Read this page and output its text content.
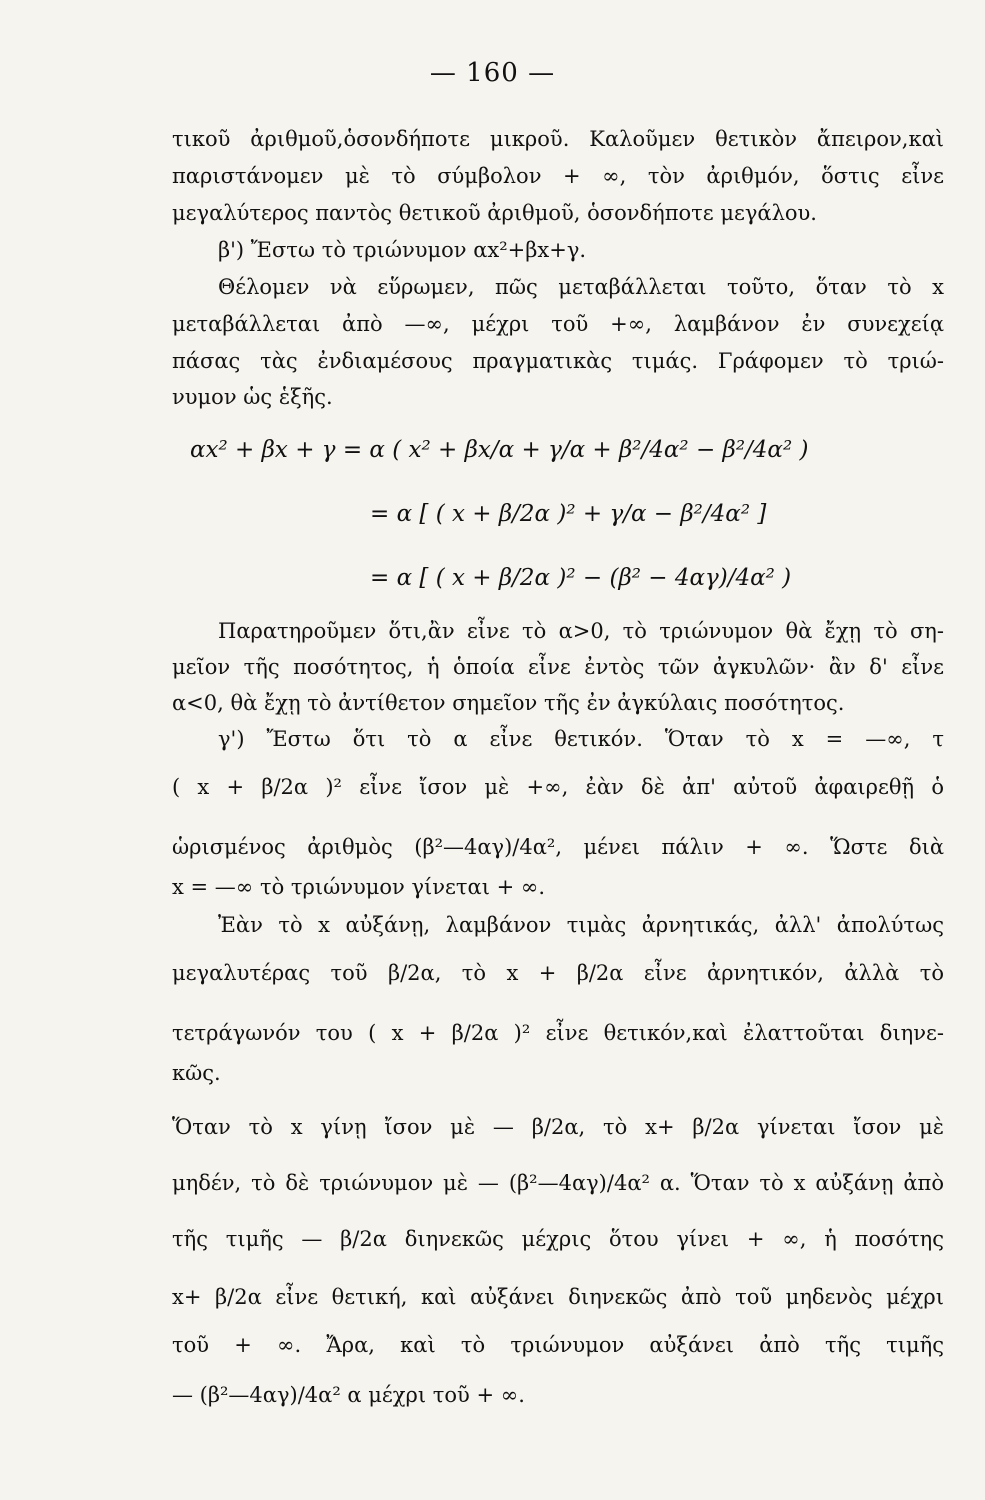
— 160 —
τικοῦ ἀριθμοῦ,ὁσονδήποτε μικροῦ. Καλοῦμεν θετικὸν ἄπειρον,καὶ
παριστάνομεν μὲ τὸ σύμβολον + ∞, τὸν ἀριθμόν, ὅστις εἶνε
μεγαλύτερος παντὸς θετικοῦ ἀριθμοῦ, ὁσονδήποτε μεγάλου.
β') Ἔστω τὸ τριώνυμον αx²+βx+γ.
Θέλομεν νὰ εὕρωμεν, πῶς μεταβάλλεται τοῦτο, ὅταν τὸ x
μεταβάλλεται ἀπὸ —∞, μέχρι τοῦ +∞, λαμβάνον ἐν συνεχείᾳ
πάσας τὰς ἐνδιαμέσους πραγματικὰς τιμάς. Γράφομεν τὸ τριώ-
νυμον ὡς ἑξῆς.
αx² + βx + γ = α ( x² + βx/α + γ/α + β²/4α² − β²/4α² )
= α [ ( x + β/2α )² + γ/α − β²/4α² ]
= α [ ( x + β/2α )² − (β² − 4αγ)/4α² )
Παρατηροῦμεν ὅτι,ἂν εἶνε τὸ α>0, τὸ τριώνυμον θὰ ἔχῃ τὸ ση-
μεῖον τῆς ποσότητος, ἡ ὁποία εἶνε ἐντὸς τῶν ἀγκυλῶν· ἂν δ' εἶνε
α<0, θὰ ἔχῃ τὸ ἀντίθετον σημεῖον τῆς ἐν ἀγκύλαις ποσότητος.
γ') Ἔστω ὅτι τὸ α εἶνε θετικόν. Ὅταν τὸ x = —∞, τ
( x + β/2α )² εἶνε ἴσον μὲ +∞, ἐὰν δὲ ἀπ' αὐτοῦ ἀφαιρεθῇ ὁ
ὡρισμένος ἀριθμὸς (β²—4αγ)/4α², μένει πάλιν + ∞. Ὥστε διὰ
x = —∞ τὸ τριώνυμον γίνεται + ∞.
Ἐὰν τὸ x αὐξάνῃ, λαμβάνον τιμὰς ἀρνητικάς, ἀλλ' ἀπολύτως
μεγαλυτέρας τοῦ β/2α, τὸ x + β/2α εἶνε ἀρνητικόν, ἀλλὰ τὸ
τετράγωνόν του ( x + β/2α )² εἶνε θετικόν,καὶ ἐλαττοῦται διηνε-
κῶς.
Ὅταν τὸ x γίνῃ ἴσον μὲ — β/2α, τὸ x+ β/2α γίνεται ἴσον μὲ
μηδέν, τὸ δὲ τριώνυμον μὲ — (β²—4αγ)/4α² α. Ὅταν τὸ x αὐξάνῃ ἀπὸ
τῆς τιμῆς — β/2α διηνεκῶς μέχρις ὅτου γίνει + ∞, ἡ ποσότης
x+ β/2α εἶνε θετική, καὶ αὐξάνει διηνεκῶς ἀπὸ τοῦ μηδενὸς μέχρι
τοῦ + ∞. Ἄρα, καὶ τὸ τριώνυμον αὐξάνει ἀπὸ τῆς τιμῆς
— (β²—4αγ)/4α² α μέχρι τοῦ + ∞.
